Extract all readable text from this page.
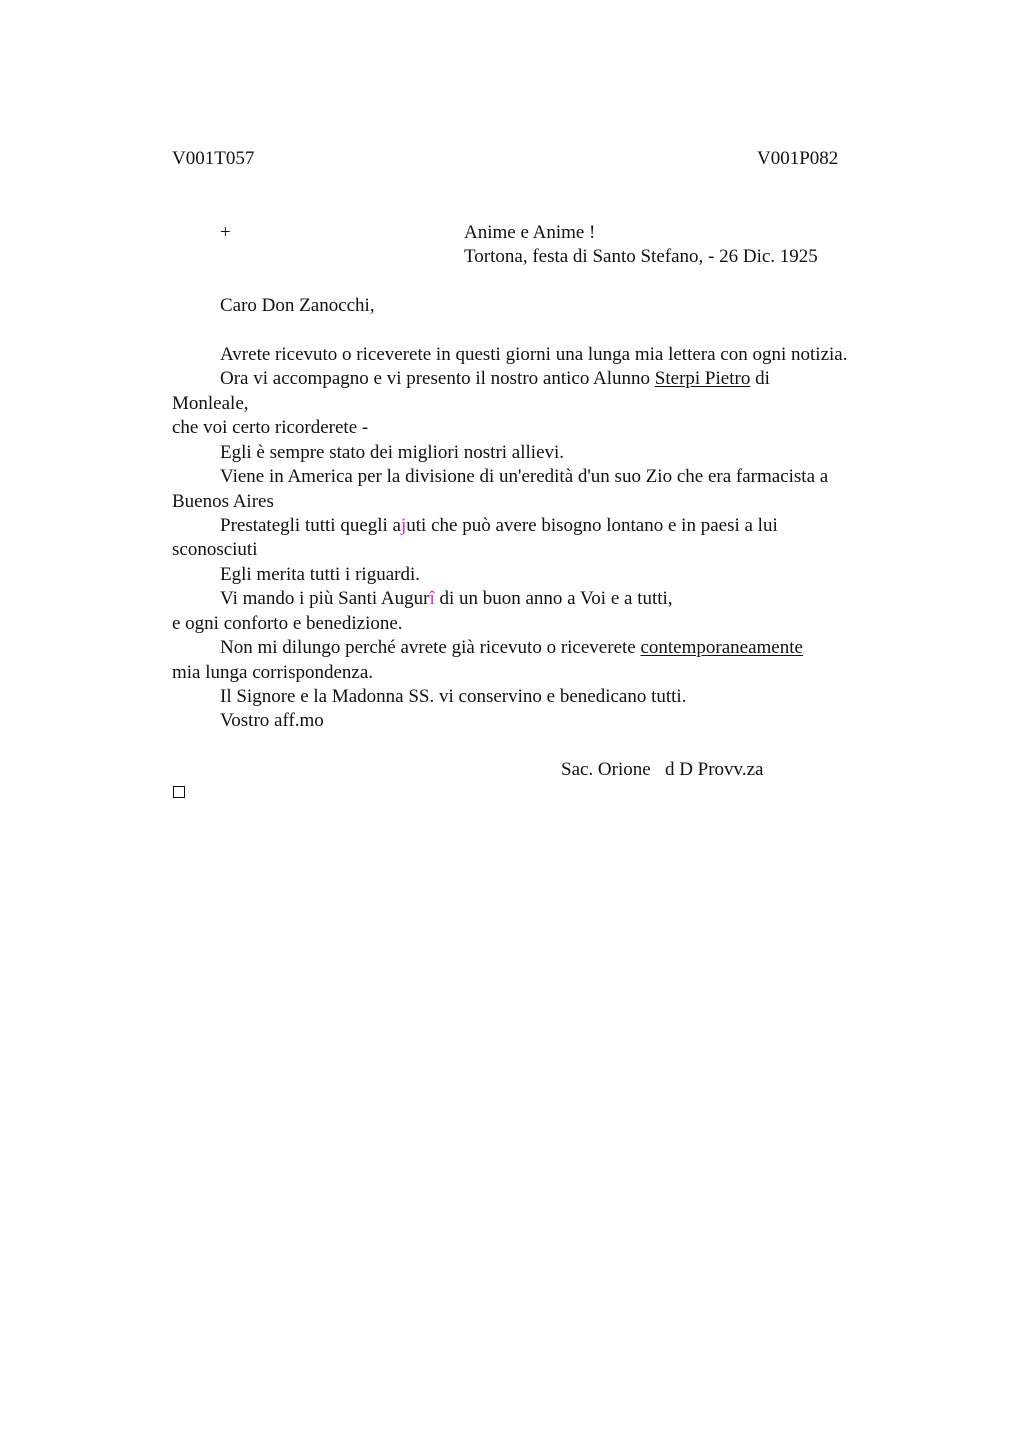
V001T057	V001P082
+	Anime e Anime !
Tortona, festa di Santo Stefano, - 26 Dic. 1925
Caro Don Zanocchi,
Avrete ricevuto o riceverete in questi giorni una lunga mia lettera con ogni notizia.
Ora vi accompagno e vi presento il nostro antico Alunno Sterpi Pietro di
Monleale,
che voi certo ricorderete -
Egli è sempre stato dei migliori nostri allievi.
Viene in America per la divisione di un'eredità d'un suo Zio che era farmacista a
Buenos Aires
Prestategli tutti quegli ajuti che può avere bisogno lontano e in paesi a lui
sconosciuti
Egli merita tutti i riguardi.
Vi mando i più Santi Augurî di un buon anno a Voi e a tutti,
e ogni conforto e benedizione.
Non mi dilungo perché avrete già ricevuto o riceverete contemporaneamente
mia lunga corrispondenza.
Il Signore e la Madonna SS. vi conservino e benedicano tutti.
Vostro aff.mo
Sac. Orione   d D Provv.za
